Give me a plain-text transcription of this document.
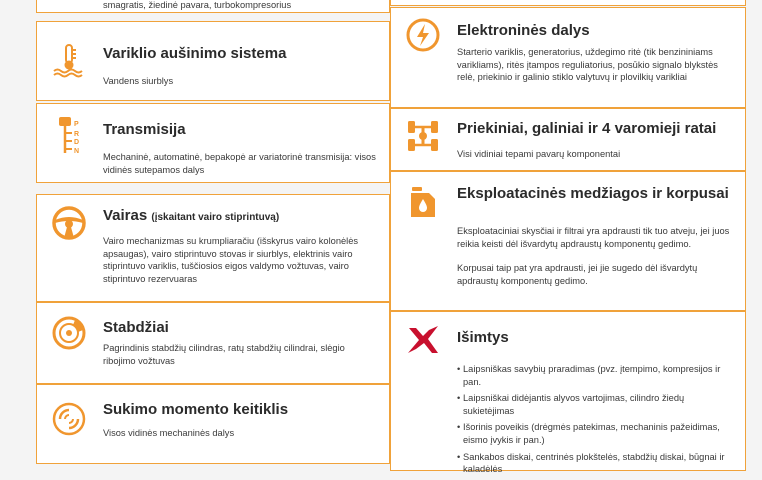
smagratis, žiedinė pavara, turbokompresorius
Variklio aušinimo sistema
Vandens siurblys
P
R
D
N
Transmisija
Mechaninė, automatinė, bepakopė ar variatorinė transmisija: visos vidinės sutepamos dalys
Vairas (įskaitant vairo stiprintuvą)
Vairo mechanizmas su krumpliaračiu (išskyrus vairo kolonėlės apsaugas), vairo stiprintuvo stovas ir siurblys, elektrinis vairo stiprintuvo variklis, tuščiosios eigos valdymo vožtuvas, vairo stiprintuvo rezervuaras
Stabdžiai
Pagrindinis stabdžių cilindras, ratų stabdžių cilindrai, slėgio ribojimo vožtuvas
Sukimo momento keitiklis
Visos vidinės mechaninės dalys
Elektroninės dalys
Starterio variklis, generatorius, uždegimo ritė (tik benzininiams varikliams), ritės įtampos reguliatorius, posūkio signalo blykstės relė, priekinio ir galinio stiklo valytuvų ir plovilkių varikliai
Priekiniai, galiniai ir 4 varomieji ratai
Visi vidiniai tepami pavarų komponentai
Eksploatacinės medžiagos ir korpusai

Eksploataciniai skysčiai ir filtrai yra apdrausti tik tuo atveju, jei juos reikia keisti dėl išvardytų apdraustų komponentų gedimo.

Korpusai taip pat yra apdrausti, jei jie sugedo dėl išvardytų apdraustų komponentų gedimo.

Išimtys
• Laipsniškas savybių praradimas (pvz. įtempimo, kompresijos ir pan.
• Laipsniškai didėjantis alyvos vartojimas, cilindro žiedų sukietėjimas
• Išorinis poveikis (drėgmės patekimas, mechaninis pažeidimas, eismo įvykis ir pan.)
• Sankabos diskai, centrinės plokštelės, stabdžių diskai, būgnai ir kaladėlės
